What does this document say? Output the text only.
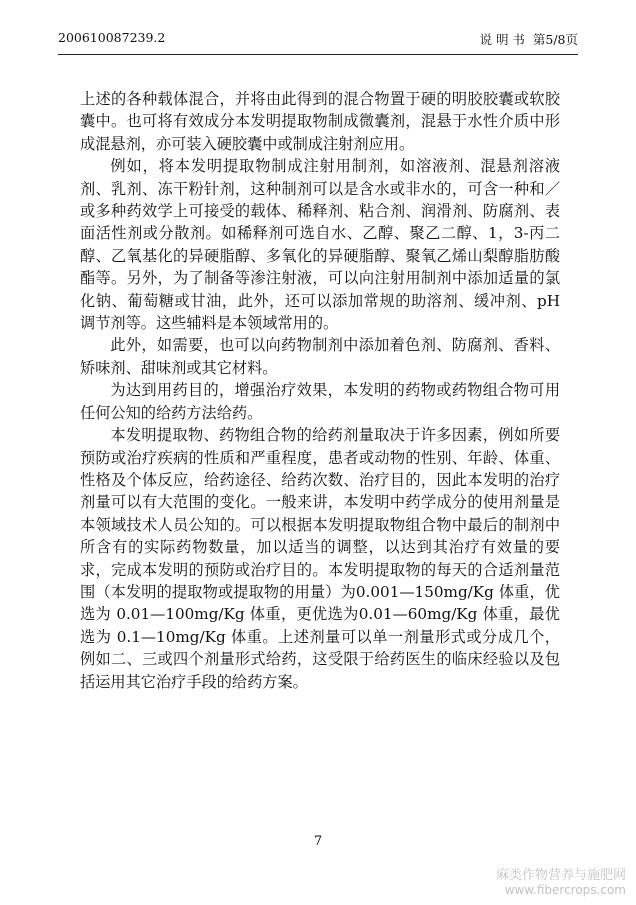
200610087239.2	说 明 书 第5/8页

上述的各种载体混合，并将由此得到的混合物置于硬的明胶胶囊或软胶囊中。也可将有效成分本发明提取物制成微囊剂，混悬于水性介质中形成混悬剂，亦可装入硬胶囊中或制成注射剂应用。

例如，将本发明提取物制成注射用制剂，如溶液剂、混悬剂溶液剂、乳剂、冻干粉针剂，这种制剂可以是含水或非水的，可含一种和／或多种药效学上可接受的载体、稀释剂、粘合剂、润滑剂、防腐剂、表面活性剂或分散剂。如稀释剂可选自水、乙醇、聚乙二醇、1，3-丙二醇、乙氧基化的异硬脂醇、多氧化的异硬脂醇、聚氧乙烯山梨醇脂肪酸酯等。另外，为了制备等渗注射液，可以向注射用制剂中添加适量的氯化钠、葡萄糖或甘油，此外，还可以添加常规的助溶剂、缓冲剂、pH 调节剂等。这些辅料是本领域常用的。

此外，如需要，也可以向药物制剂中添加着色剂、防腐剂、香料、矫味剂、甜味剂或其它材料。

为达到用药目的，增强治疗效果，本发明的药物或药物组合物可用任何公知的给药方法给药。

本发明提取物、药物组合物的给药剂量取决于许多因素，例如所要预防或治疗疾病的性质和严重程度，患者或动物的性别、年龄、体重、性格及个体反应，给药途径、给药次数、治疗目的，因此本发明的治疗剂量可以有大范围的变化。一般来讲，本发明中药学成分的使用剂量是本领域技术人员公知的。可以根据本发明提取物组合物中最后的制剂中所含有的实际药物数量，加以适当的调整，以达到其治疗有效量的要求，完成本发明的预防或治疗目的。本发明提取物的每天的合适剂量范围（本发明的提取物或提取物的用量）为0.001—150mg/Kg 体重，优选为 0.01—100mg/Kg 体重，更优选为0.01—60mg/Kg 体重，最优选为 0.1—10mg/Kg 体重。上述剂量可以单一剂量形式或分成几个，例如二、三或四个剂量形式给药，这受限于给药医生的临床经验以及包括运用其它治疗手段的给药方案。

7
麻类作物营养与施肥网
www.fibercrops.com
